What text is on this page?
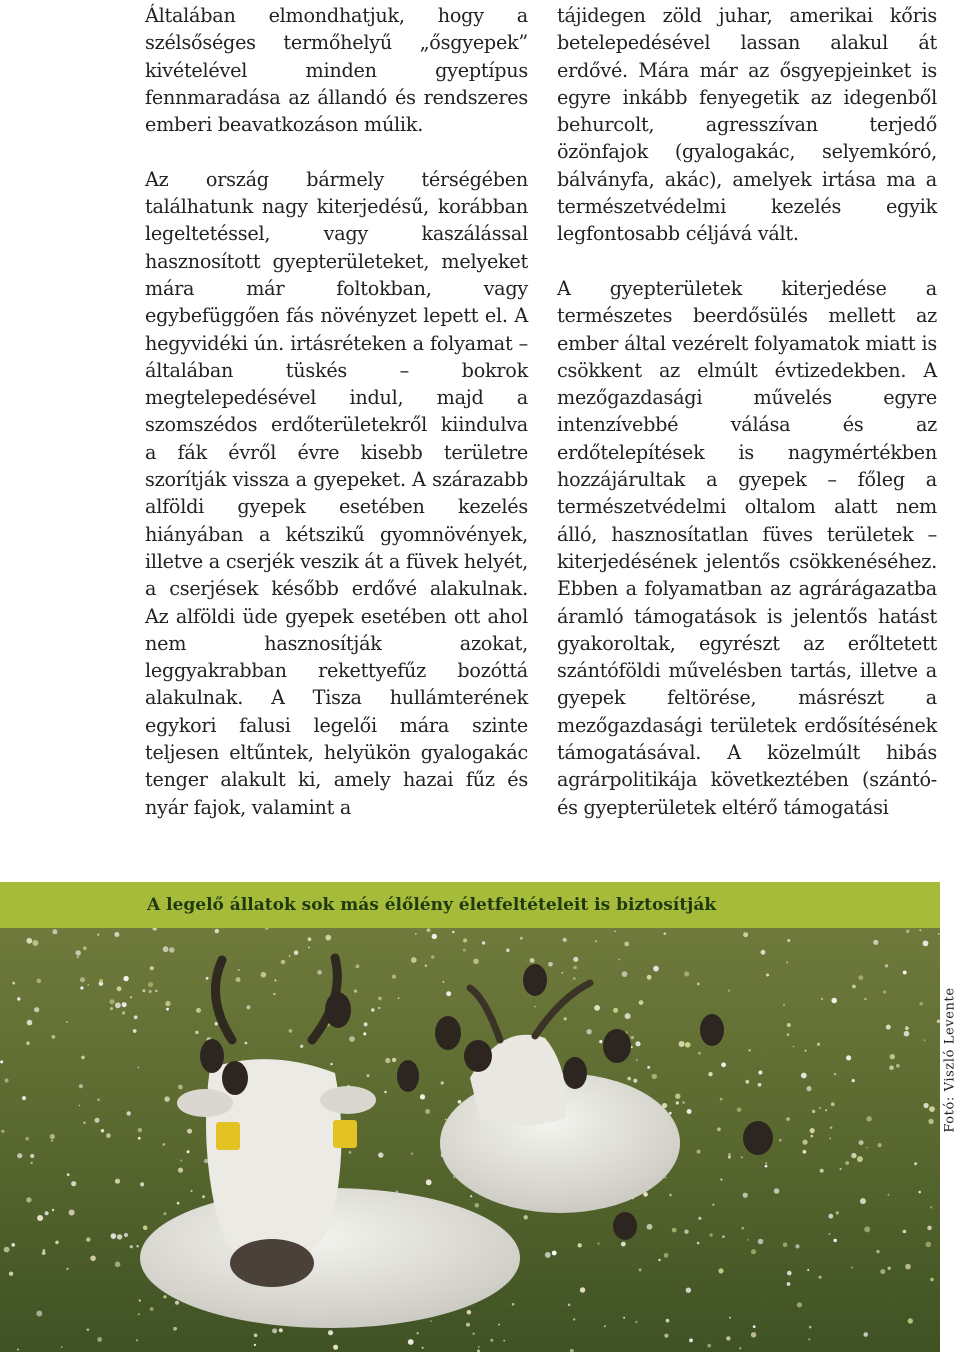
Általában elmondhatjuk, hogy a szélsőséges termőhelyű „ősgyepek” kivételével minden gyeptípus fennmaradása az állandó és rendszeres emberi beavatkozáson múlik.

Az ország bármely térségében találhatunk nagy kiterjedésű, korábban legeltetéssel, vagy kaszálással hasznosított gyepterületeket, melyeket mára már foltokban, vagy egybefüggően fás növényzet lepett el. A hegyvidéki ún. irtásréteken a folyamat – általában tüskés – bokrok megtelepedésével indul, majd a szomszédos erdőterületekről kiindulva a fák évről évre kisebb területre szorítják vissza a gyepeket. A szárazabb alföldi gyepek esetében kezelés hiányában a kétszikű gyomnövények, illetve a cserjék veszik át a füvek helyét, a cserjések később erdővé alakulnak. Az alföldi üde gyepek esetében ott ahol nem hasznosítják azokat, leggyakrabban rekettyefűz bozóttá alakulnak. A Tisza hullámterének egykori falusi legelői mára szinte teljesen eltűntek, helyükön gyalogakác tenger alakult ki, amely hazai fűz és nyár fajok, valamint a

tájidegen zöld juhar, amerikai kőris betelepedésével lassan alakul át erdővé. Mára már az ősgyepjeinket is egyre inkább fenyegetik az idegenből behurcolt, agresszívan terjedő özönfajok (gyalogakác, selyemkóró, bálványfa, akác), amelyek irtása ma a természetvédelmi kezelés egyik legfontosabb céljává vált.

A gyepterületek kiterjedése a természetes beerdősülés mellett az ember által vezérelt folyamatok miatt is csökkent az elmúlt évtizedekben. A mezőgazdasági művelés egyre intenzívebbé válása és az erdőtelepítések is nagymértékben hozzájárultak a gyepek – főleg a természetvédelmi oltalom alatt nem álló, hasznosítatlan füves területek – kiterjedésének jelentős csökkenéséhez. Ebben a folyamatban az agrárágazatba áramló támogatások is jelentős hatást gyakoroltak, egyrészt az erőltetett szántóföldi művelésben tartás, illetve a gyepek feltörése, másrészt a mezőgazdasági területek erdősítésének támogatásával. A közelmúlt hibás agrárpolitikája következtében (szántó- és gyepterületek eltérő támogatási

A legelő állatok sok más élőlény életfeltételeit is biztosítják
Fotó: Viszló Levente
